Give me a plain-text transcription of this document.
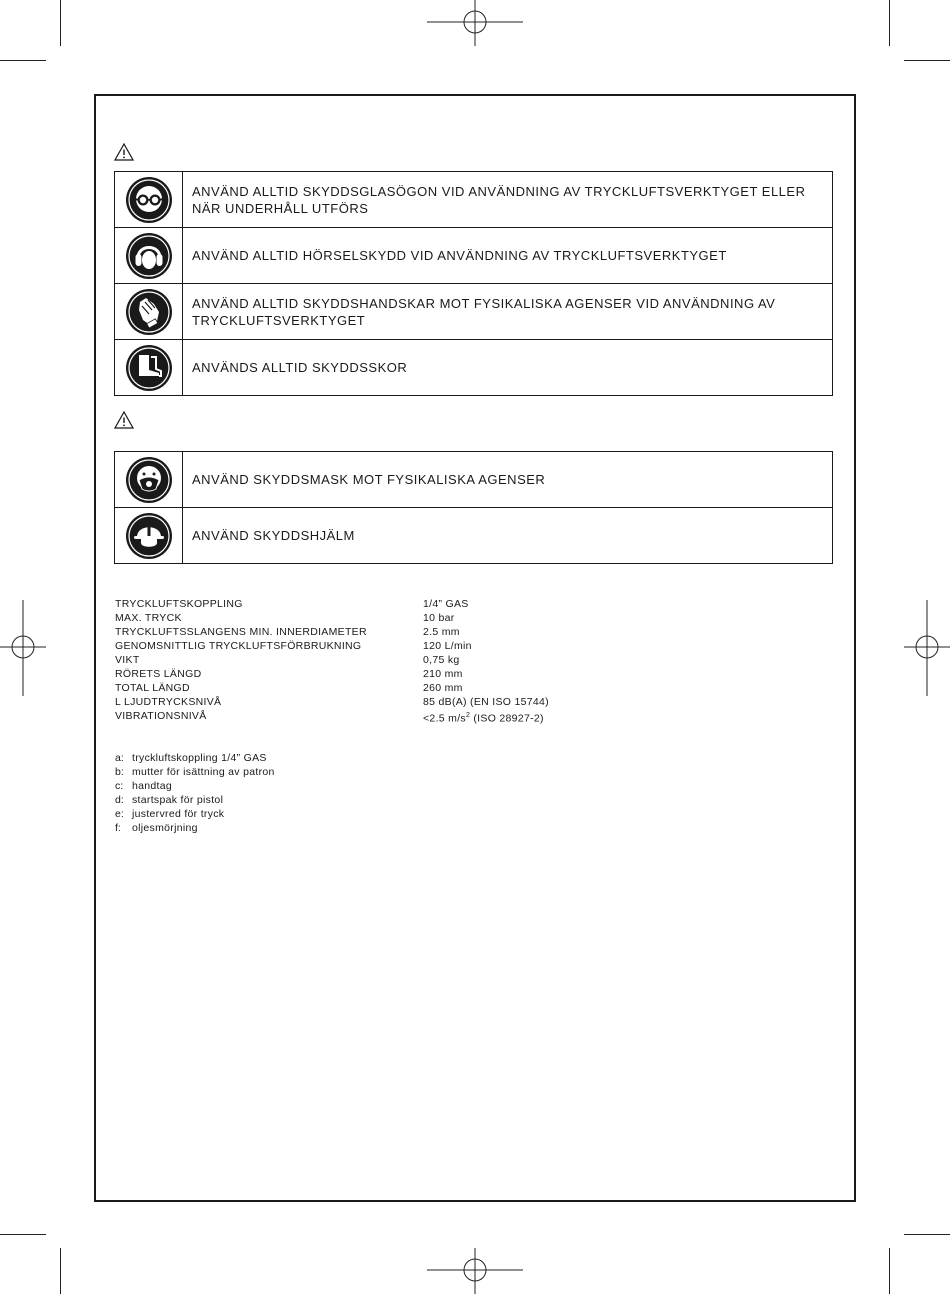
ANVÄND ALLTID SKYDDSGLASÖGON VID ANVÄNDNING AV TRYCKLUFTSVERKTYGET ELLER NÄR UNDERHÅLL UTFÖRS
ANVÄND ALLTID HÖRSELSKYDD VID ANVÄNDNING AV TRYCKLUFTSVERKTYGET
ANVÄND ALLTID SKYDDSHANDSKAR MOT FYSIKALISKA AGENSER VID ANVÄNDNING AV TRYCKLUFTSVERKTYGET
ANVÄNDS ALLTID SKYDDSSKOR
ANVÄND SKYDDSMASK MOT FYSIKALISKA AGENSER
ANVÄND SKYDDSHJÄLM
TRYCKLUFTSKOPPLING	1/4” GAS
MAX. TRYCK	10 bar
TRYCKLUFTSSLANGENS MIN. INNERDIAMETER	2.5 mm
GENOMSNITTLIG TRYCKLUFTSFÖRBRUKNING	120 L/min
VIKT	0,75 kg
RÖRETS LÄNGD	210 mm
TOTAL LÄNGD	260 mm
L LJUDTRYCKSNIVÅ	85 dB(A) (EN ISO 15744)
VIBRATIONSNIVÅ	<2.5 $m/s^2$ (ISO 28927-2)
a: tryckluftskoppling 1/4” GAS
b: mutter för isättning av patron
c: handtag
d: startspak för pistol
e: justervred för tryck
f:	oljesmörjning
